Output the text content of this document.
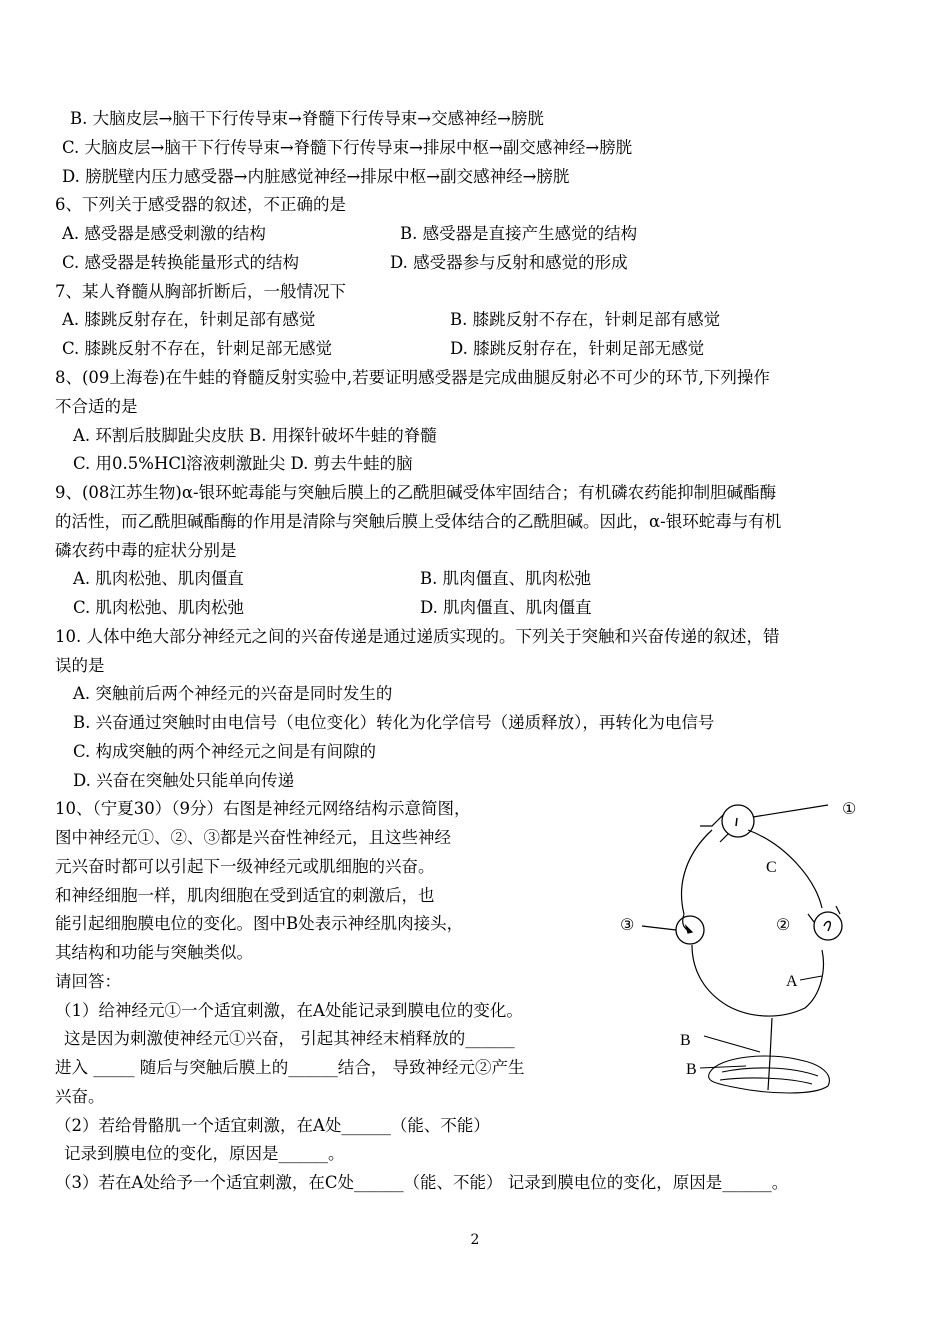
B. 大脑皮层→脑干下行传导束→脊髓下行传导束→交感神经→膀胱
C. 大脑皮层→脑干下行传导束→脊髓下行传导束→排尿中枢→副交感神经→膀胱
D. 膀胱壁内压力感受器→内脏感觉神经→排尿中枢→副交感神经→膀胱
6、下列关于感受器的叙述，不正确的是
A. 感受器是感受刺激的结构	B. 感受器是直接产生感觉的结构
C. 感受器是转换能量形式的结构	D. 感受器参与反射和感觉的形成
7、某人脊髓从胸部折断后，一般情况下
A. 膝跳反射存在，针刺足部有感觉	B. 膝跳反射不存在，针刺足部有感觉
C. 膝跳反射不存在，针刺足部无感觉	D. 膝跳反射存在，针刺足部无感觉
8、(09上海卷)在牛蛙的脊髓反射实验中,若要证明感受器是完成曲腿反射必不可少的环节,下列操作
不合适的是
A. 环割后肢脚趾尖皮肤 B. 用探针破坏牛蛙的脊髓
C. 用0.5%HCl溶液刺激趾尖 D. 剪去牛蛙的脑
9、(08江苏生物)α-银环蛇毒能与突触后膜上的乙酰胆碱受体牢固结合；有机磷农药能抑制胆碱酯酶
的活性，而乙酰胆碱酯酶的作用是清除与突触后膜上受体结合的乙酰胆碱。因此，α-银环蛇毒与有机
磷农药中毒的症状分别是
A. 肌肉松弛、肌肉僵直	B. 肌肉僵直、肌肉松弛
C. 肌肉松弛、肌肉松弛	D. 肌肉僵直、肌肉僵直
10. 人体中绝大部分神经元之间的兴奋传递是通过递质实现的。下列关于突触和兴奋传递的叙述，错
误的是
A. 突触前后两个神经元的兴奋是同时发生的
B. 兴奋通过突触时由电信号（电位变化）转化为化学信号（递质释放），再转化为电信号
C. 构成突触的两个神经元之间是有间隙的
D. 兴奋在突触处只能单向传递
10、（宁夏30）（9分）右图是神经元网络结构示意简图，
图中神经元①、②、③都是兴奋性神经元，且这些神经
元兴奋时都可以引起下一级神经元或肌细胞的兴奋。
和神经细胞一样，肌肉细胞在受到适宜的刺激后，也
能引起细胞膜电位的变化。图中B处表示神经肌肉接头，
其结构和功能与突触类似。
请回答：
（1）给神经元①一个适宜刺激，在A处能记录到膜电位的变化。
这是因为刺激使神经元①兴奋， 引起其神经末梢释放的______
进入 _____ 随后与突触后膜上的______结合， 导致神经元②产生
兴奋。
（2）若给骨骼肌一个适宜刺激，在A处______（能、不能）
记录到膜电位的变化，原因是______。
（3）若在A处给予一个适宜刺激，在C处______（能、不能） 记录到膜电位的变化，原因是______。
①
C
③	②
A
B
B
2
